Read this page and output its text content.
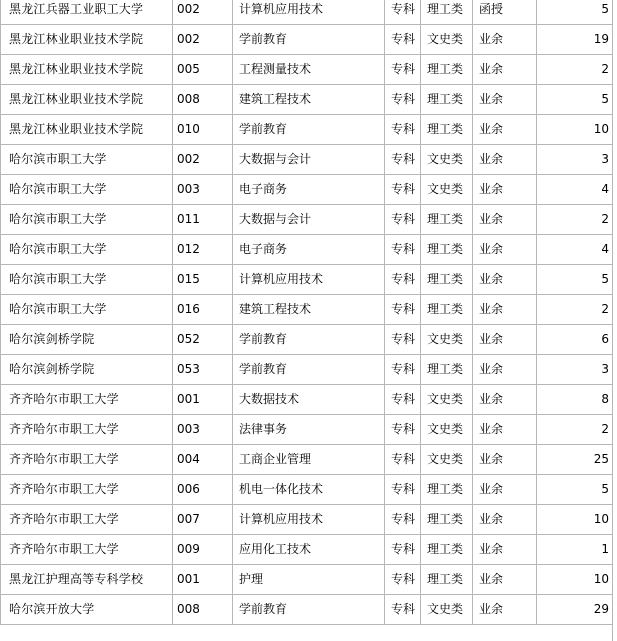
黑龙江兵器工业职工大学	002	计算机应用技术	专科	理工类	函授	5
黑龙江林业职业技术学院	002	学前教育	专科	文史类	业余	19
黑龙江林业职业技术学院	005	工程测量技术	专科	理工类	业余	2
黑龙江林业职业技术学院	008	建筑工程技术	专科	理工类	业余	5
黑龙江林业职业技术学院	010	学前教育	专科	理工类	业余	10
哈尔滨市职工大学	002	大数据与会计	专科	文史类	业余	3
哈尔滨市职工大学	003	电子商务	专科	文史类	业余	4
哈尔滨市职工大学	011	大数据与会计	专科	理工类	业余	2
哈尔滨市职工大学	012	电子商务	专科	理工类	业余	4
哈尔滨市职工大学	015	计算机应用技术	专科	理工类	业余	5
哈尔滨市职工大学	016	建筑工程技术	专科	理工类	业余	2
哈尔滨剑桥学院	052	学前教育	专科	文史类	业余	6
哈尔滨剑桥学院	053	学前教育	专科	理工类	业余	3
齐齐哈尔市职工大学	001	大数据技术	专科	文史类	业余	8
齐齐哈尔市职工大学	003	法律事务	专科	文史类	业余	2
齐齐哈尔市职工大学	004	工商企业管理	专科	文史类	业余	25
齐齐哈尔市职工大学	006	机电一体化技术	专科	理工类	业余	5
齐齐哈尔市职工大学	007	计算机应用技术	专科	理工类	业余	10
齐齐哈尔市职工大学	009	应用化工技术	专科	理工类	业余	1
黑龙江护理高等专科学校	001	护理	专科	理工类	业余	10
哈尔滨开放大学	008	学前教育	专科	文史类	业余	29
